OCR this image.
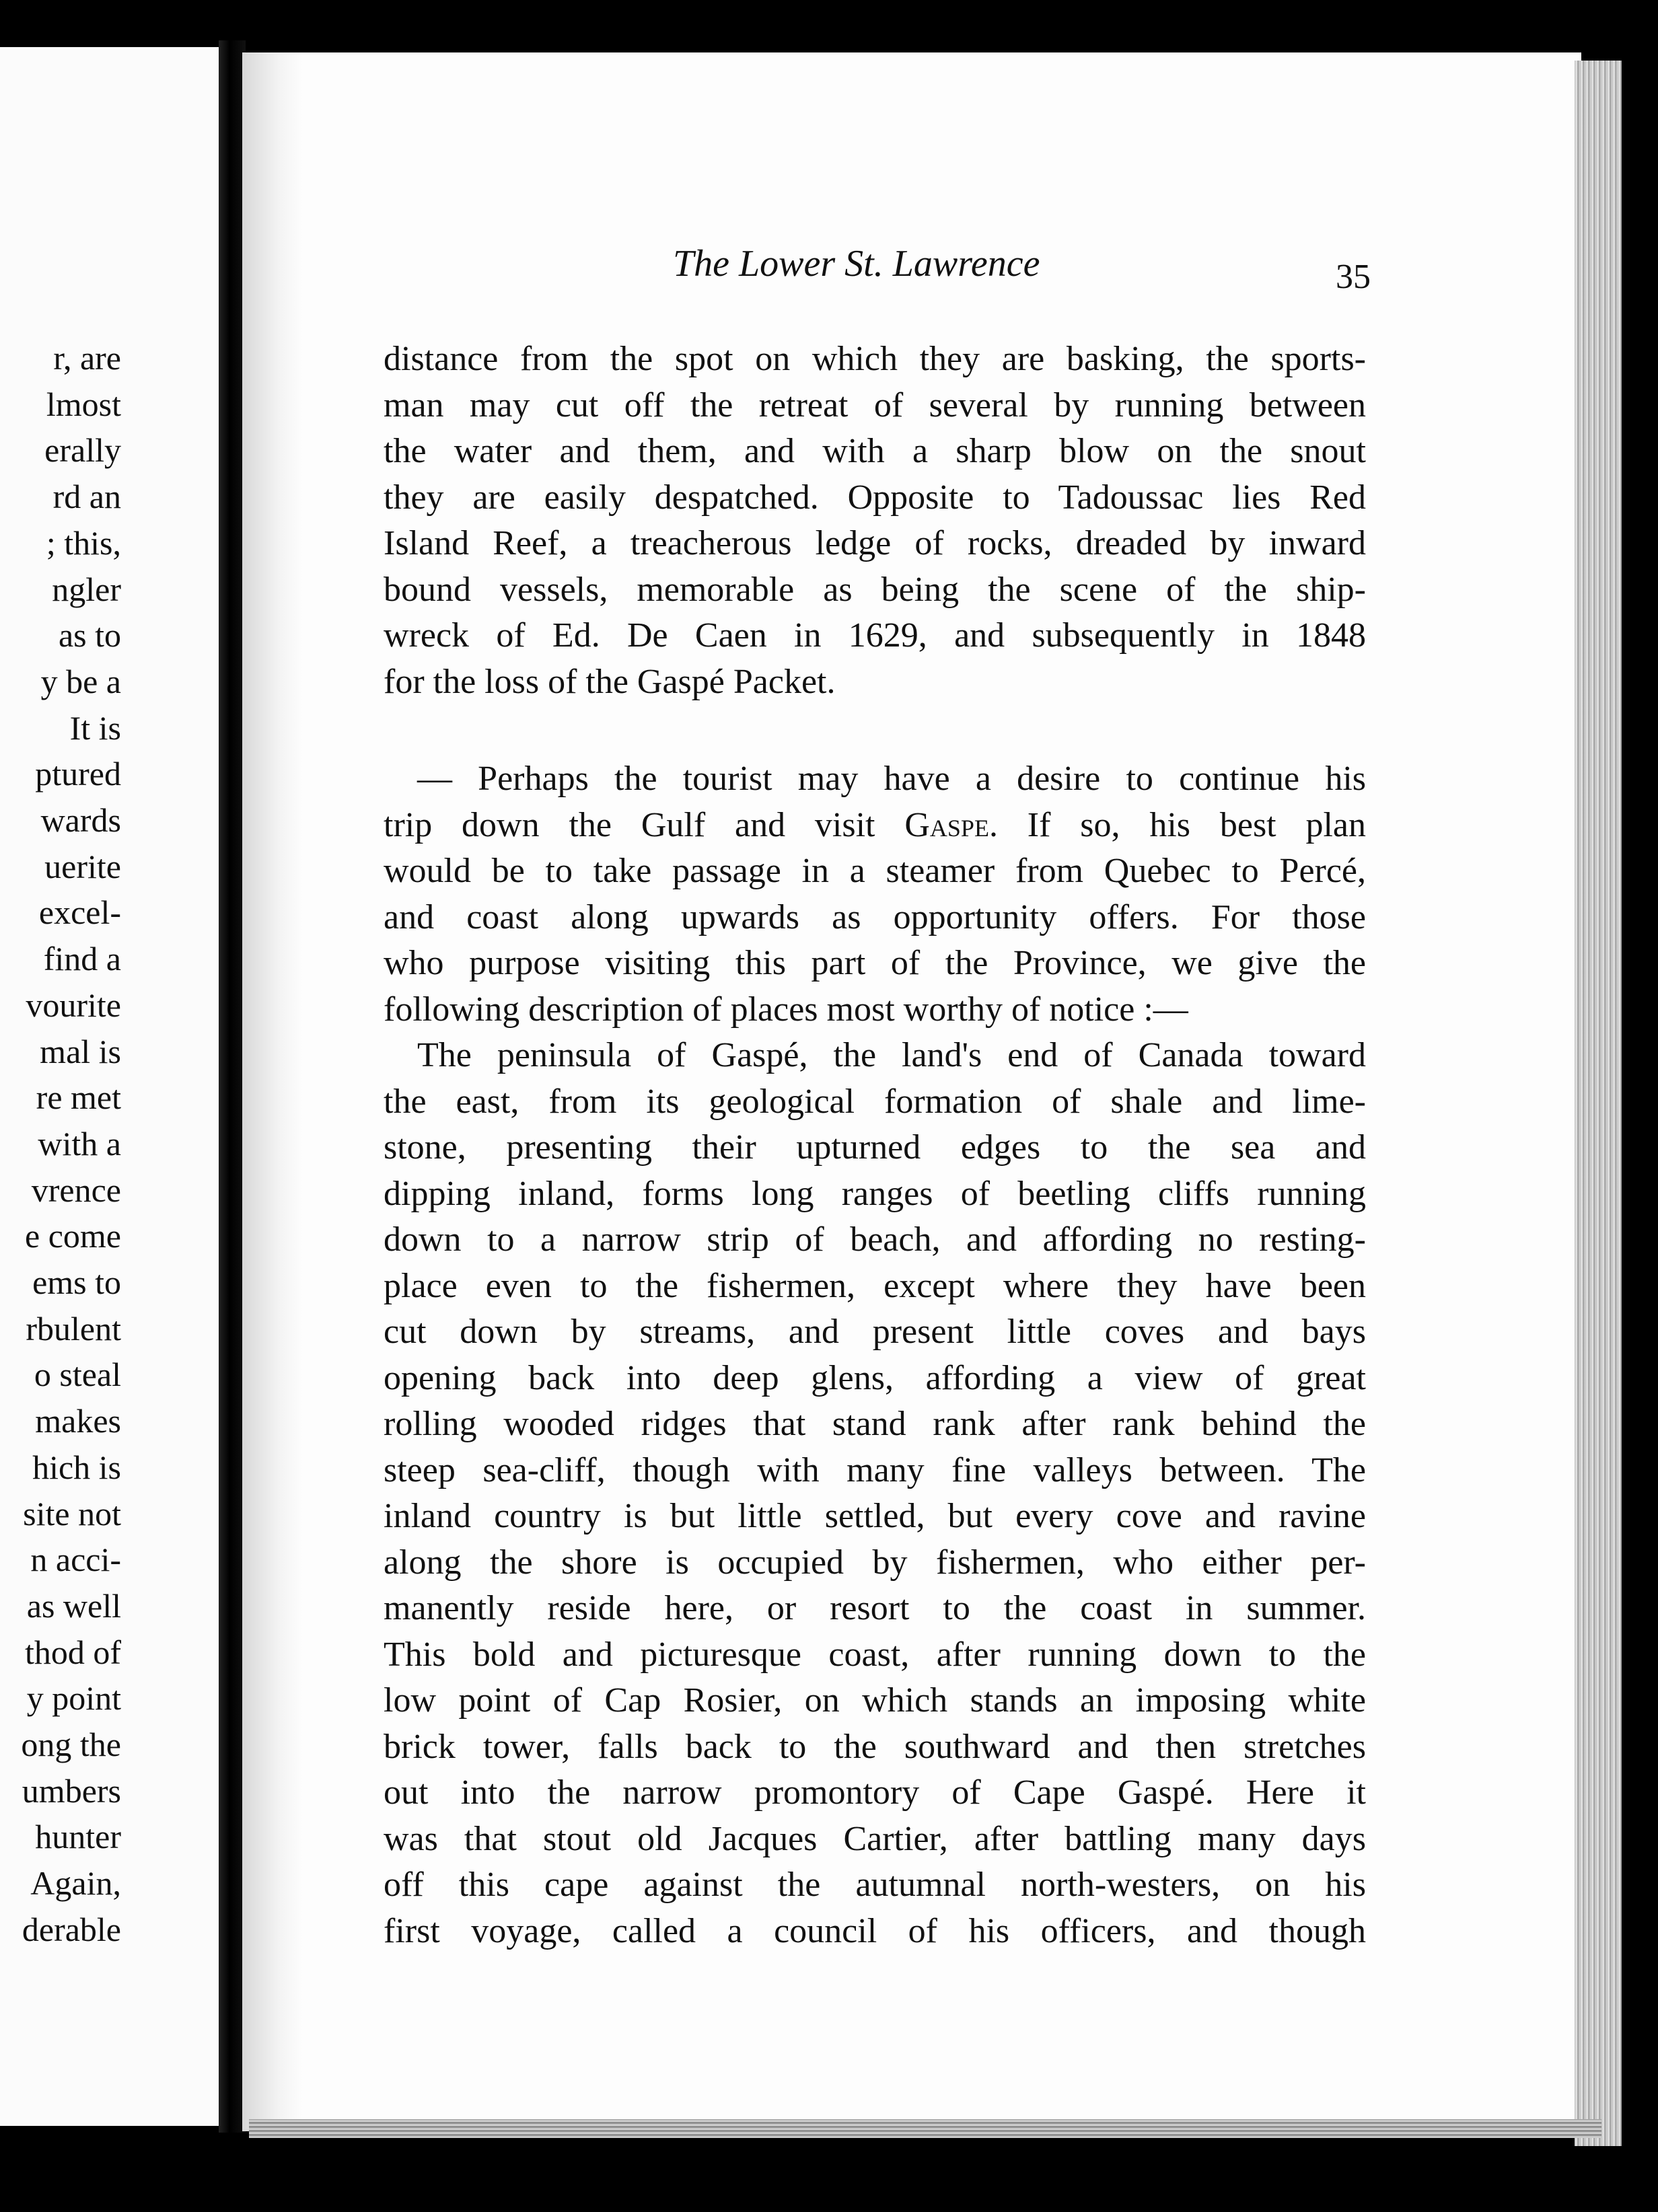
r, are
lmost
erally
rd an
; this,
ngler
as to
y be a
It is
ptured
wards
uerite
excel-
find a
vourite
mal is
re met
with a
vrence
e come
ems to
rbulent
o steal
makes
hich is
site not
n acci-
as well
thod of
y point
ong the
umbers
hunter
Again,
derable
The Lower St. Lawrence	35
distance from the spot on which they are basking, the sports-
man may cut off the retreat of several by running between
the water and them, and with a sharp blow on the snout
they are easily despatched. Opposite to Tadoussac lies Red
Island Reef, a treacherous ledge of rocks, dreaded by inward
bound vessels, memorable as being the scene of the ship-
wreck of Ed. De Caen in 1629, and subsequently in 1848
for the loss of the Gaspé Packet.
— Perhaps the tourist may have a desire to continue his
trip down the Gulf and visit Gaspe. If so, his best plan
would be to take passage in a steamer from Quebec to Percé,
and coast along upwards as opportunity offers. For those
who purpose visiting this part of the Province, we give the
following description of places most worthy of notice :—
The peninsula of Gaspé, the land's end of Canada toward
the east, from its geological formation of shale and lime-
stone, presenting their upturned edges to the sea and
dipping inland, forms long ranges of beetling cliffs running
down to a narrow strip of beach, and affording no resting-
place even to the fishermen, except where they have been
cut down by streams, and present little coves and bays
opening back into deep glens, affording a view of great
rolling wooded ridges that stand rank after rank behind the
steep sea-cliff, though with many fine valleys between. The
inland country is but little settled, but every cove and ravine
along the shore is occupied by fishermen, who either per-
manently reside here, or resort to the coast in summer.
This bold and picturesque coast, after running down to the
low point of Cap Rosier, on which stands an imposing white
brick tower, falls back to the southward and then stretches
out into the narrow promontory of Cape Gaspé. Here it
was that stout old Jacques Cartier, after battling many days
off this cape against the autumnal north-westers, on his
first voyage, called a council of his officers, and though
